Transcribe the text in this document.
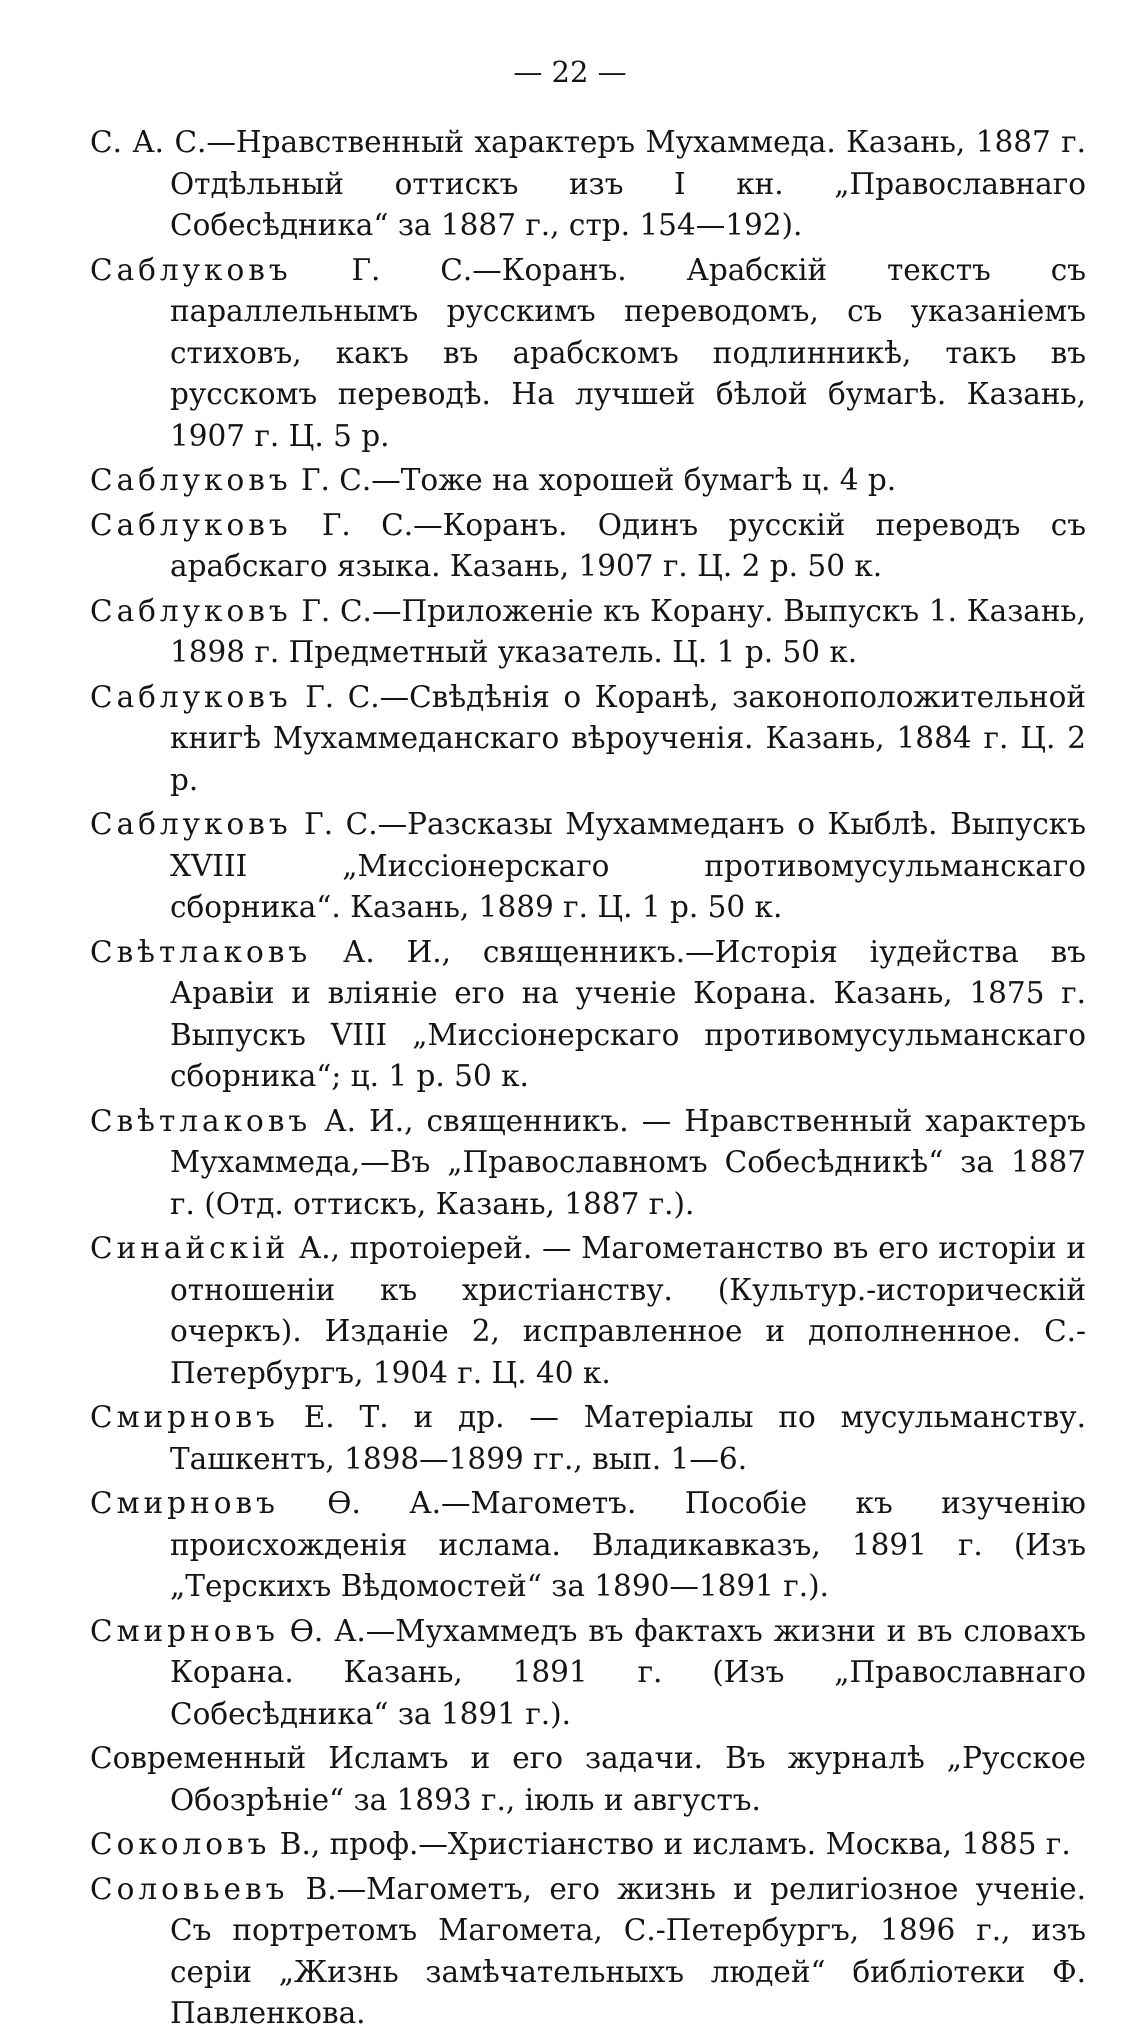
— 22 —

С. А. С.—Нравственный характеръ Мухаммеда. Казань, 1887 г. Отдѣльный оттискъ изъ I кн. „Православнаго Собесѣдника“ за 1887 г., стр. 154—192).

Саблуковъ Г. С.—Коранъ. Арабскій текстъ съ параллельнымъ русскимъ переводомъ, съ указаніемъ стиховъ, какъ въ арабскомъ подлинникѣ, такъ въ русскомъ переводѣ. На лучшей бѣлой бумагѣ. Казань, 1907 г. Ц. 5 р.

Саблуковъ Г. С.—Тоже на хорошей бумагѣ ц. 4 р.

Саблуковъ Г. С.—Коранъ. Одинъ русскій переводъ съ арабскаго языка. Казань, 1907 г. Ц. 2 р. 50 к.

Саблуковъ Г. С.—Приложеніе къ Корану. Выпускъ 1. Казань, 1898 г. Предметный указатель. Ц. 1 р. 50 к.

Саблуковъ Г. С.—Свѣдѣнія о Коранѣ, законоположительной книгѣ Мухаммеданскаго вѣроученія. Казань, 1884 г. Ц. 2 р.

Саблуковъ Г. С.—Разсказы Мухаммеданъ о Кыблѣ. Выпускъ XVIII „Миссіонерскаго противомусульманскаго сборника“. Казань, 1889 г. Ц. 1 р. 50 к.

Свѣтлаковъ А. И., священникъ.—Исторія іудейства въ Аравіи и вліяніе его на ученіе Корана. Казань, 1875 г. Выпускъ VIII „Миссіонерскаго противомусульманскаго сборника“; ц. 1 р. 50 к.

Свѣтлаковъ А. И., священникъ. — Нравственный характеръ Мухаммеда,—Въ „Православномъ Собесѣдникѣ“ за 1887 г. (Отд. оттискъ, Казань, 1887 г.).

Синайскій А., протоіерей. — Магометанство въ его исторіи и отношеніи къ христіанству. (Культур.-историческій очеркъ). Изданіе 2, исправленное и дополненное. С.-Петербургъ, 1904 г. Ц. 40 к.

Смирновъ Е. Т. и др. — Матеріалы по мусульманству. Ташкентъ, 1898—1899 гг., вып. 1—6.

Смирновъ Ѳ. А.—Магометъ. Пособіе къ изученію происхожденія ислама. Владикавказъ, 1891 г. (Изъ „Терскихъ Вѣдомостей“ за 1890—1891 г.).

Смирновъ Ѳ. А.—Мухаммедъ въ фактахъ жизни и въ словахъ Корана. Казань, 1891 г. (Изъ „Православнаго Собесѣдника“ за 1891 г.).

Современный Исламъ и его задачи. Въ журналѣ „Русское Обозрѣніе“ за 1893 г., іюль и августъ.

Соколовъ В., проф.—Христіанство и исламъ. Москва, 1885 г.

Соловьевъ В.—Магометъ, его жизнь и религіозное ученіе. Съ портретомъ Магомета, С.-Петербургъ, 1896 г., изъ серіи „Жизнь замѣчательныхъ людей“ библіотеки Ф. Павленкова.
